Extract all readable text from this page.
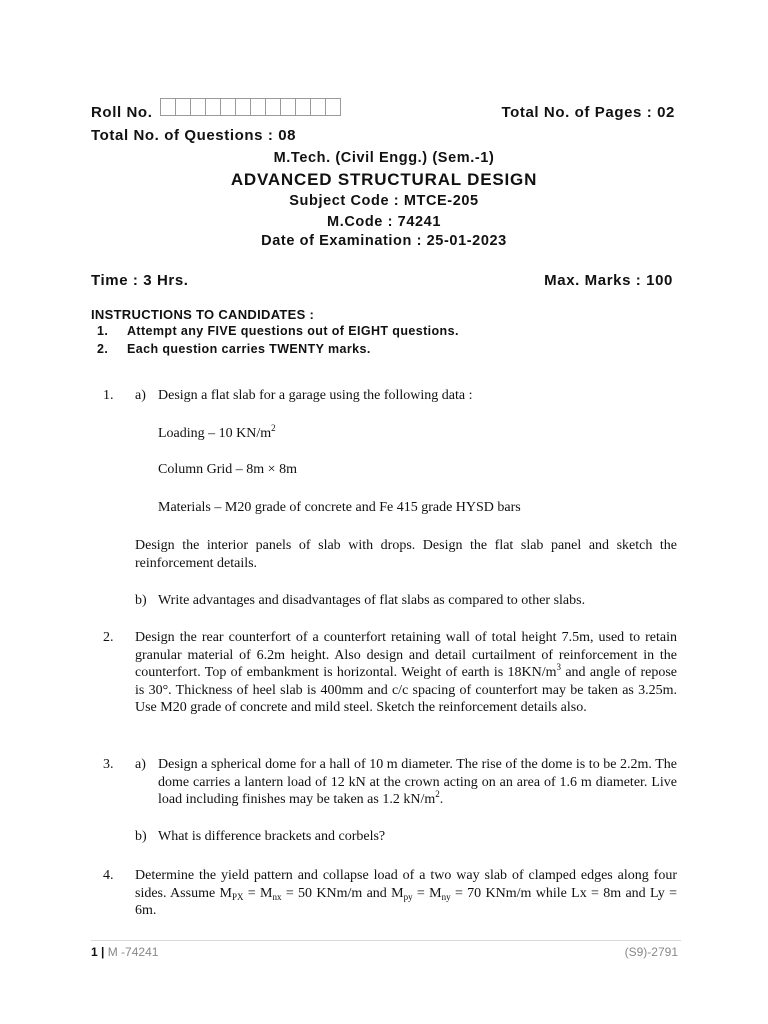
Roll No.	Total No. of Pages : 02
Total No. of Questions : 08
M.Tech. (Civil Engg.) (Sem.-1)
ADVANCED STRUCTURAL DESIGN
Subject Code : MTCE-205
M.Code : 74241
Date of Examination : 25-01-2023
Time : 3 Hrs.	Max. Marks : 100
INSTRUCTIONS TO CANDIDATES :
1.	Attempt any FIVE questions out of EIGHT questions.
2.	Each question carries TWENTY marks.
1. a) Design a flat slab for a garage using the following data :
Loading – 10 $KN/m^2$
Column Grid – 8m × 8m
Materials – M20 grade of concrete and Fe 415 grade HYSD bars
Design the interior panels of slab with drops. Design the flat slab panel and sketch the reinforcement details.
b) Write advantages and disadvantages of flat slabs as compared to other slabs.
2. Design the rear counterfort of a counterfort retaining wall of total height 7.5m, used to retain granular material of 6.2m height. Also design and detail curtailment of reinforcement in the counterfort. Top of embankment is horizontal. Weight of earth is $18KN/m^3$ and angle of repose is 30°. Thickness of heel slab is 400mm and c/c spacing of counterfort may be taken as 3.25m. Use M20 grade of concrete and mild steel. Sketch the reinforcement details also.
3. a) Design a spherical dome for a hall of 10 m diameter. The rise of the dome is to be 2.2m. The dome carries a lantern load of 12 kN at the crown acting on an area of 1.6 m diameter. Live load including finishes may be taken as 1.2 $kN/m^2$.
b) What is difference brackets and corbels?
4. Determine the yield pattern and collapse load of a two way slab of clamped edges along four sides. Assume $M_{PX} = M_{nx} = 50$ KNm/m and $M_{py} = M_{ny} = 70$ KNm/m while Lx = 8m and Ly = 6m.
1 | M -74241	(S9)-2791
